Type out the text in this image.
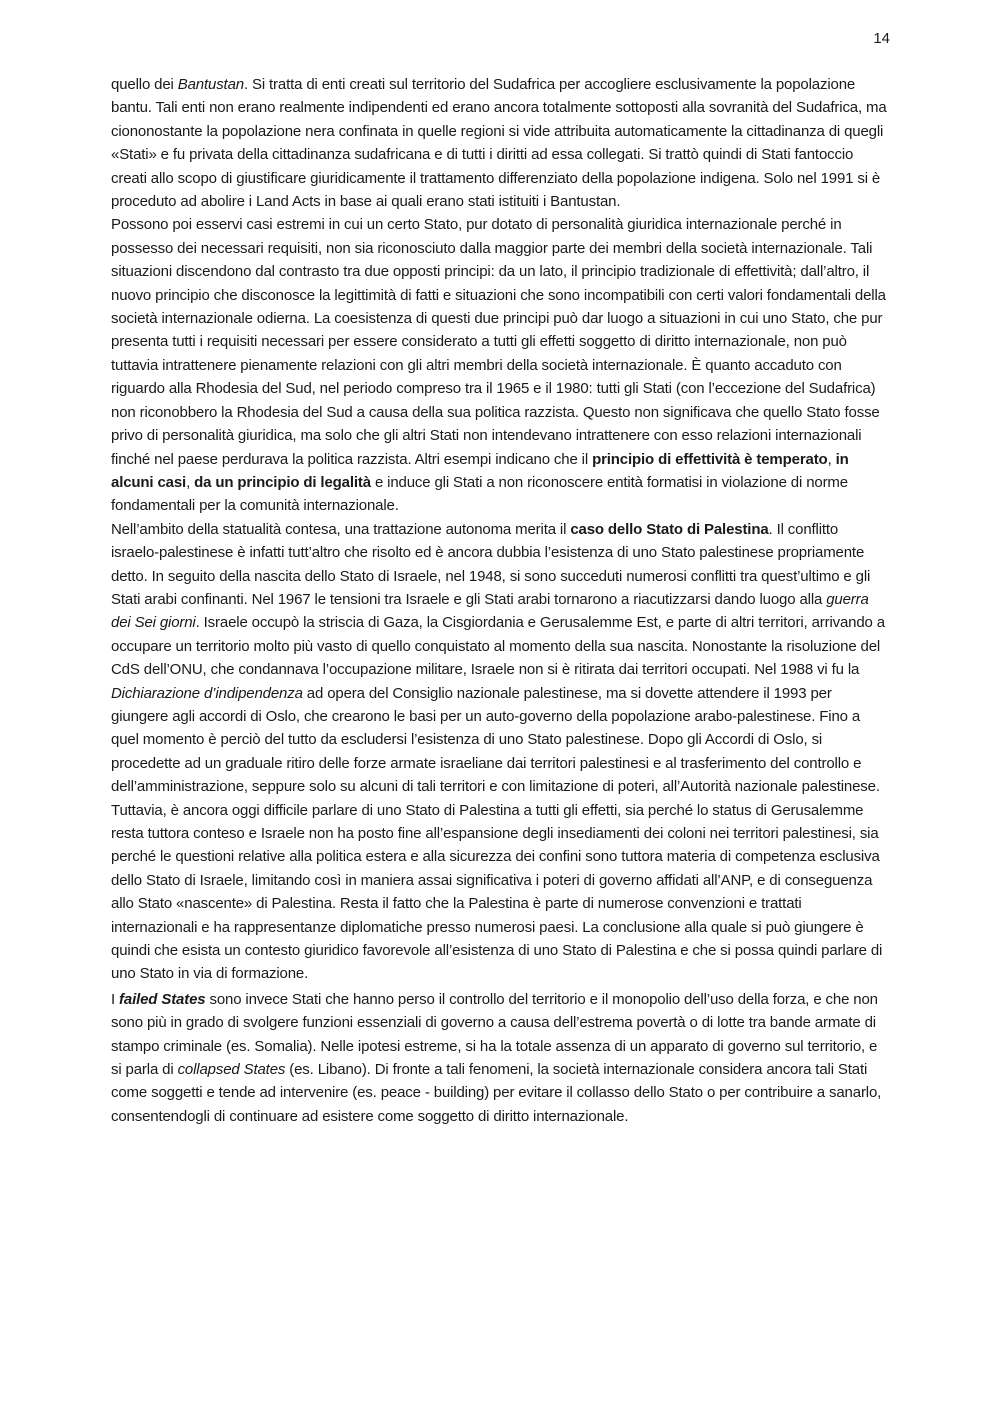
14

quello dei Bantustan. Si tratta di enti creati sul territorio del Sudafrica per accogliere esclusivamente la popolazione bantu. Tali enti non erano realmente indipendenti ed erano ancora totalmente sottoposti alla sovranità del Sudafrica, ma ciononostante la popolazione nera confinata in quelle regioni si vide attribuita automaticamente la cittadinanza di quegli «Stati» e fu privata della cittadinanza sudafricana e di tutti i diritti ad essa collegati. Si trattò quindi di Stati fantoccio creati allo scopo di giustificare giuridicamente il trattamento differenziato della popolazione indigena. Solo nel 1991 si è proceduto ad abolire i Land Acts in base ai quali erano stati istituiti i Bantustan.

Possono poi esservi casi estremi in cui un certo Stato, pur dotato di personalità giuridica internazionale perché in possesso dei necessari requisiti, non sia riconosciuto dalla maggior parte dei membri della società internazionale. Tali situazioni discendono dal contrasto tra due opposti principi: da un lato, il principio tradizionale di effettività; dall’altro, il nuovo principio che disconosce la legittimità di fatti e situazioni che sono incompatibili con certi valori fondamentali della società internazionale odierna. La coesistenza di questi due principi può dar luogo a situazioni in cui uno Stato, che pur presenta tutti i requisiti necessari per essere considerato a tutti gli effetti soggetto di diritto internazionale, non può tuttavia intrattenere pienamente relazioni con gli altri membri della società internazionale. È quanto accaduto con riguardo alla Rhodesia del Sud, nel periodo compreso tra il 1965 e il 1980: tutti gli Stati (con l’eccezione del Sudafrica) non riconobbero la Rhodesia del Sud a causa della sua politica razzista. Questo non significava che quello Stato fosse privo di personalità giuridica, ma solo che gli altri Stati non intendevano intrattenere con esso relazioni internazionali finché nel paese perdurava la politica razzista. Altri esempi indicano che il principio di effettività è temperato, in alcuni casi, da un principio di legalità e induce gli Stati a non riconoscere entità formatisi in violazione di norme fondamentali per la comunità internazionale.

Nell’ambito della statualità contesa, una trattazione autonoma merita il caso dello Stato di Palestina. Il conflitto israelo-palestinese è infatti tutt’altro che risolto ed è ancora dubbia l’esistenza di uno Stato palestinese propriamente detto. In seguito della nascita dello Stato di Israele, nel 1948, si sono succeduti numerosi conflitti tra quest’ultimo e gli Stati arabi confinanti. Nel 1967 le tensioni tra Israele e gli Stati arabi tornarono a riacutizzarsi dando luogo alla guerra dei Sei giorni. Israele occupò la striscia di Gaza, la Cisgiordania e Gerusalemme Est, e parte di altri territori, arrivando a occupare un territorio molto più vasto di quello conquistato al momento della sua nascita. Nonostante la risoluzione del CdS dell’ONU, che condannava l’occupazione militare, Israele non si è ritirata dai territori occupati. Nel 1988 vi fu la Dichiarazione d’indipendenza ad opera del Consiglio nazionale palestinese, ma si dovette attendere il 1993 per giungere agli accordi di Oslo, che crearono le basi per un auto-governo della popolazione arabo-palestinese. Fino a quel momento è perciò del tutto da escludersi l’esistenza di uno Stato palestinese. Dopo gli Accordi di Oslo, si procedette ad un graduale ritiro delle forze armate israeliane dai territori palestinesi e al trasferimento del controllo e dell’amministrazione, seppure solo su alcuni di tali territori e con limitazione di poteri, all’Autorità nazionale palestinese. Tuttavia, è ancora oggi difficile parlare di uno Stato di Palestina a tutti gli effetti, sia perché lo status di Gerusalemme resta tuttora conteso e Israele non ha posto fine all’espansione degli insediamenti dei coloni nei territori palestinesi, sia perché le questioni relative alla politica estera e alla sicurezza dei confini sono tuttora materia di competenza esclusiva dello Stato di Israele, limitando così in maniera assai significativa i poteri di governo affidati all’ANP, e di conseguenza allo Stato «nascente» di Palestina. Resta il fatto che la Palestina è parte di numerose convenzioni e trattati internazionali e ha rappresentanze diplomatiche presso numerosi paesi. La conclusione alla quale si può giungere è quindi che esista un contesto giuridico favorevole all’esistenza di uno Stato di Palestina e che si possa quindi parlare di uno Stato in via di formazione.

I failed States sono invece Stati che hanno perso il controllo del territorio e il monopolio dell’uso della forza, e che non sono più in grado di svolgere funzioni essenziali di governo a causa dell’estrema povertà o di lotte tra bande armate di stampo criminale (es. Somalia). Nelle ipotesi estreme, si ha la totale assenza di un apparato di governo sul territorio, e si parla di collapsed States (es. Libano). Di fronte a tali fenomeni, la società internazionale considera ancora tali Stati come soggetti e tende ad intervenire (es. peace - building) per evitare il collasso dello Stato o per contribuire a sanarlo, consentendogli di continuare ad esistere come soggetto di diritto internazionale.
